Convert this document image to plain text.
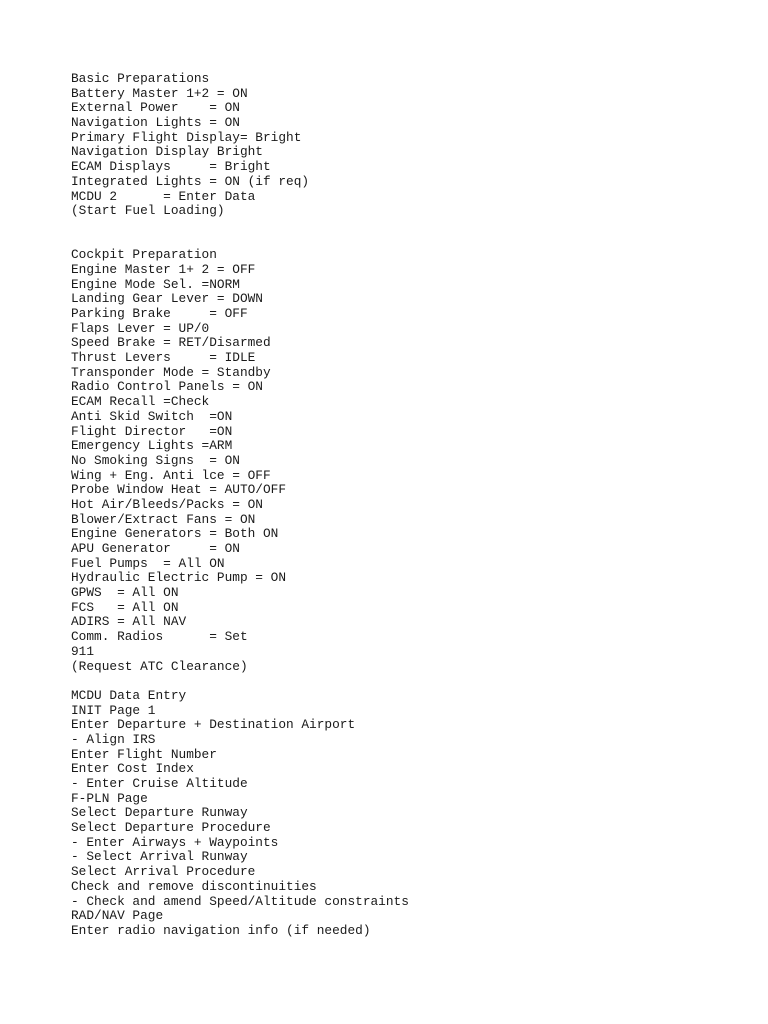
Basic Preparations
Battery Master 1+2 = ON
External Power    = ON
Navigation Lights = ON
Primary Flight Display= Bright
Navigation Display Bright
ECAM Displays     = Bright
Integrated Lights = ON (if req)
MCDU 2      = Enter Data
(Start Fuel Loading)
Cockpit Preparation
Engine Master 1+ 2 = OFF
Engine Mode Sel. =NORM
Landing Gear Lever = DOWN
Parking Brake     = OFF
Flaps Lever = UP/0
Speed Brake = RET/Disarmed
Thrust Levers     = IDLE
Transponder Mode = Standby
Radio Control Panels = ON
ECAM Recall =Check
Anti Skid Switch  =ON
Flight Director   =ON
Emergency Lights =ARM
No Smoking Signs  = ON
Wing + Eng. Anti lce = OFF
Probe Window Heat = AUTO/OFF
Hot Air/Bleeds/Packs = ON
Blower/Extract Fans = ON
Engine Generators = Both ON
APU Generator     = ON
Fuel Pumps  = All ON
Hydraulic Electric Pump = ON
GPWS  = All ON
FCS   = All ON
ADIRS = All NAV
Comm. Radios      = Set
911
(Request ATC Clearance)
MCDU Data Entry
INIT Page 1
Enter Departure + Destination Airport
- Align IRS
Enter Flight Number
Enter Cost Index
- Enter Cruise Altitude
F-PLN Page
Select Departure Runway
Select Departure Procedure
- Enter Airways + Waypoints
- Select Arrival Runway
Select Arrival Procedure
Check and remove discontinuities
- Check and amend Speed/Altitude constraints
RAD/NAV Page
Enter radio navigation info (if needed)
